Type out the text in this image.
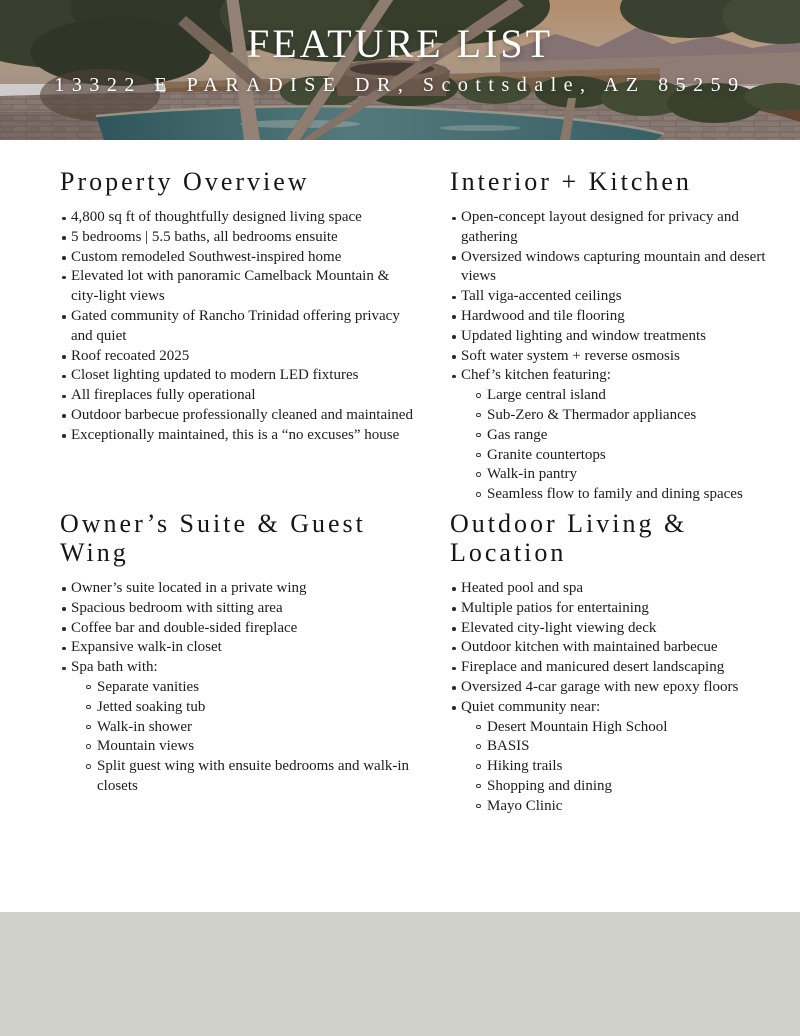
FEATURE LIST
13322 E PARADISE DR, Scottsdale, AZ 85259
Property Overview
4,800 sq ft of thoughtfully designed living space
5 bedrooms | 5.5 baths, all bedrooms ensuite
Custom remodeled Southwest-inspired home
Elevated lot with panoramic Camelback Mountain & city-light views
Gated community of Rancho Trinidad offering privacy and quiet
Roof recoated 2025
Closet lighting updated to modern LED fixtures
All fireplaces fully operational
Outdoor barbecue professionally cleaned and maintained
Exceptionally maintained, this is a “no excuses” house
Interior + Kitchen
Open-concept layout designed for privacy and gathering
Oversized windows capturing mountain and desert views
Tall viga-accented ceilings
Hardwood and tile flooring
Updated lighting and window treatments
Soft water system + reverse osmosis
Chef’s kitchen featuring:
Large central island
Sub-Zero & Thermador appliances
Gas range
Granite countertops
Walk-in pantry
Seamless flow to family and dining spaces
Owner’s Suite & Guest Wing
Owner’s suite located in a private wing
Spacious bedroom with sitting area
Coffee bar and double-sided fireplace
Expansive walk-in closet
Spa bath with:
Separate vanities
Jetted soaking tub
Walk-in shower
Mountain views
Split guest wing with ensuite bedrooms and walk-in closets
Outdoor Living & Location
Heated pool and spa
Multiple patios for entertaining
Elevated city-light viewing deck
Outdoor kitchen with maintained barbecue
Fireplace and manicured desert landscaping
Oversized 4-car garage with new epoxy floors
Quiet community near:
Desert Mountain High School
BASIS
Hiking trails
Shopping and dining
Mayo Clinic
